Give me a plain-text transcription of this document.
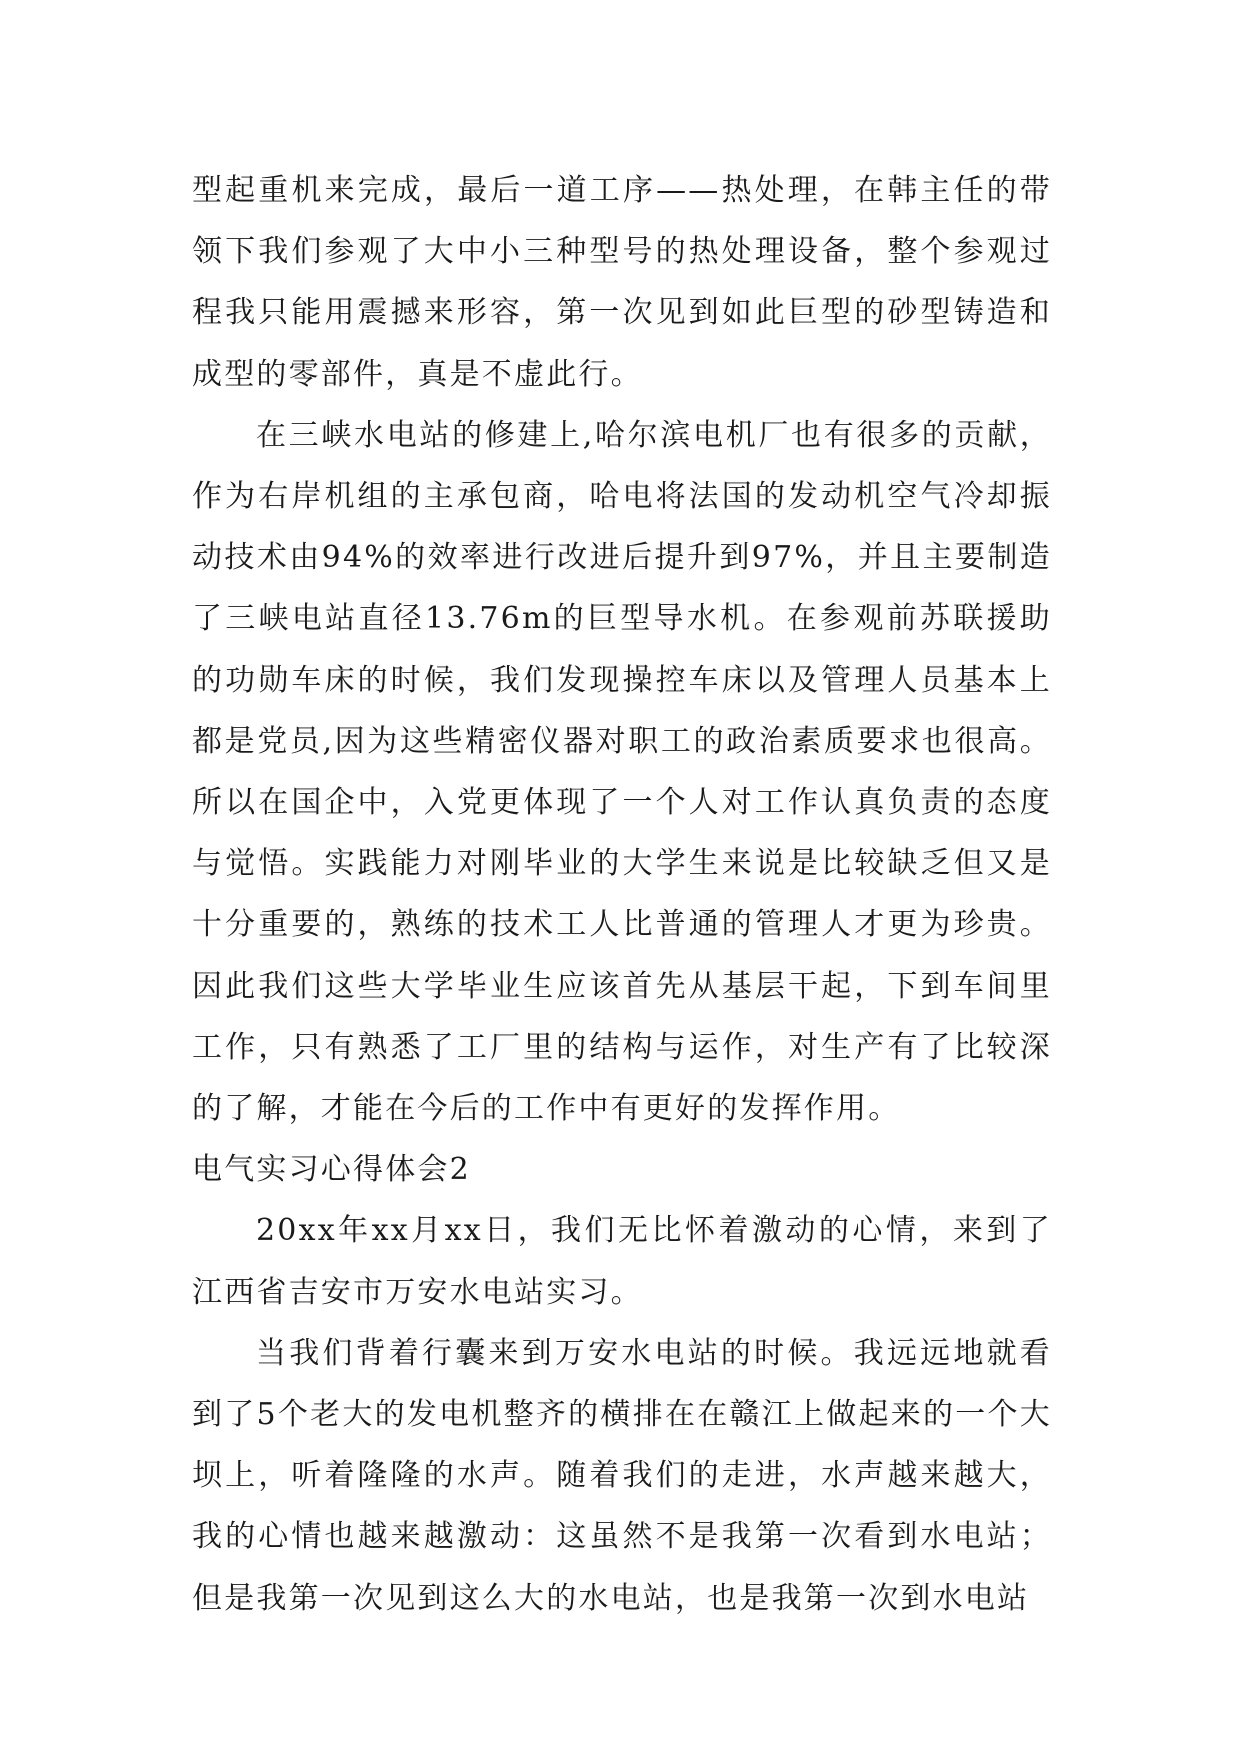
型起重机来完成，最后一道工序——热处理，在韩主任的带领下我们参观了大中小三种型号的热处理设备，整个参观过程我只能用震撼来形容，第一次见到如此巨型的砂型铸造和成型的零部件，真是不虚此行。

在三峡水电站的修建上,哈尔滨电机厂也有很多的贡献，作为右岸机组的主承包商，哈电将法国的发动机空气冷却振动技术由94%的效率进行改进后提升到97%，并且主要制造了三峡电站直径13.76m的巨型导水机。在参观前苏联援助的功勋车床的时候，我们发现操控车床以及管理人员基本上都是党员,因为这些精密仪器对职工的政治素质要求也很高。所以在国企中，入党更体现了一个人对工作认真负责的态度与觉悟。实践能力对刚毕业的大学生来说是比较缺乏但又是十分重要的，熟练的技术工人比普通的管理人才更为珍贵。因此我们这些大学毕业生应该首先从基层干起，下到车间里工作，只有熟悉了工厂里的结构与运作，对生产有了比较深的了解，才能在今后的工作中有更好的发挥作用。

电气实习心得体会2

20xx年xx月xx日，我们无比怀着激动的心情，来到了江西省吉安市万安水电站实习。

当我们背着行囊来到万安水电站的时候。我远远地就看到了5个老大的发电机整齐的横排在在赣江上做起来的一个大坝上，听着隆隆的水声。随着我们的走进，水声越来越大，我的心情也越来越激动：这虽然不是我第一次看到水电站；但是我第一次见到这么大的水电站，也是我第一次到水电站
